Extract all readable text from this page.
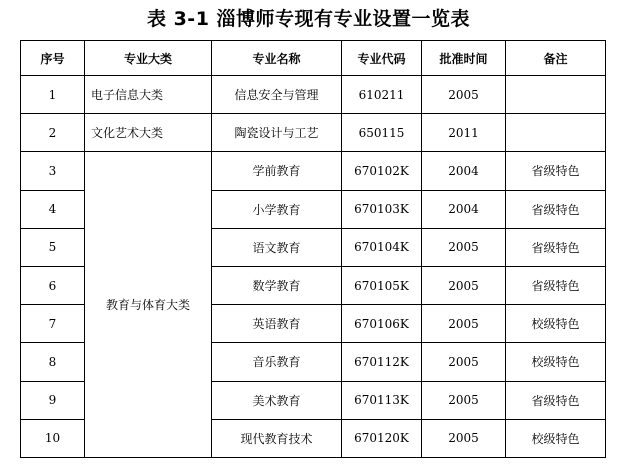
表 3-1 淄博师专现有专业设置一览表
序号	专业大类	专业名称	专业代码	批准时间	备注
1	电子信息大类	信息安全与管理	610211	2005	
2	文化艺术大类	陶瓷设计与工艺	650115	2011	
3	教育与体育大类	学前教育	670102K	2004	省级特色
4		小学教育	670103K	2004	省级特色
5		语文教育	670104K	2005	省级特色
6		数学教育	670105K	2005	省级特色
7		英语教育	670106K	2005	校级特色
8		音乐教育	670112K	2005	校级特色
9		美术教育	670113K	2005	省级特色
10		现代教育技术	670120K	2005	校级特色
